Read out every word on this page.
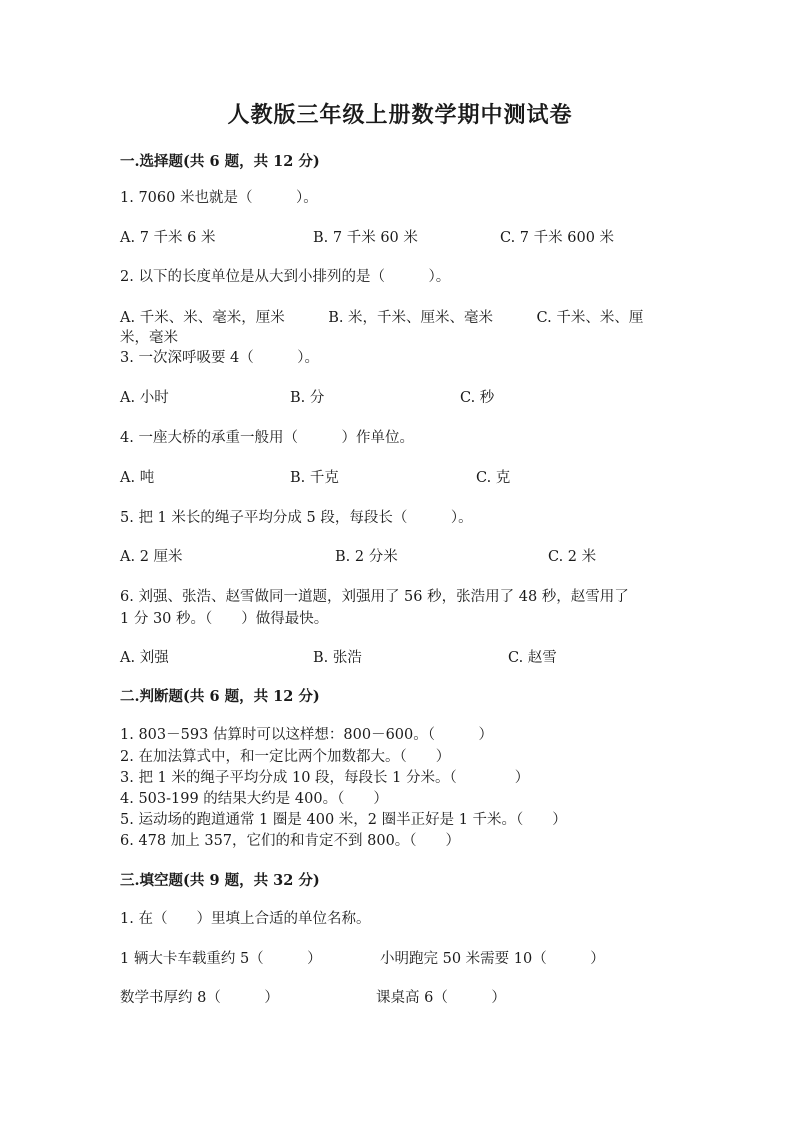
人教版三年级上册数学期中测试卷
一.选择题(共 6 题，共 12 分)
1. 7060 米也就是（　　　）。
A. 7 千米 6 米	B. 7 千米 60 米	C. 7 千米 600 米
2. 以下的长度单位是从大到小排列的是（　　　）。
A. 千米、米、毫米，厘米　　　B. 米，千米、厘米、毫米　　　C. 千米、米、厘
米，毫米
3. 一次深呼吸要 4（　　　）。
A. 小时	B. 分	C. 秒
4. 一座大桥的承重一般用（　　　）作单位。
A. 吨	B. 千克	C. 克
5. 把 1 米长的绳子平均分成 5 段，每段长（　　　）。
A. 2 厘米	B. 2 分米	C. 2 米
6. 刘强、张浩、赵雪做同一道题，刘强用了 56 秒，张浩用了 48 秒，赵雪用了
1 分 30 秒。（　　）做得最快。
A. 刘强	B. 张浩	C. 赵雪
二.判断题(共 6 题，共 12 分)
1. 803－593 估算时可以这样想：800－600。（　　　）
2. 在加法算式中，和一定比两个加数都大。（　　）
3. 把 1 米的绳子平均分成 10 段，每段长 1 分米。（　　　　）
4. 503-199 的结果大约是 400。（　　）
5. 运动场的跑道通常 1 圈是 400 米，2 圈半正好是 1 千米。（　　）
6. 478 加上 357，它们的和肯定不到 800。（　　）
三.填空题(共 9 题，共 32 分)
1. 在（　　）里填上合适的单位名称。
1 辆大卡车载重约 5（　　　）	小明跑完 50 米需要 10（　　　）
数学书厚约 8（　　　）	课桌高 6（　　　）
